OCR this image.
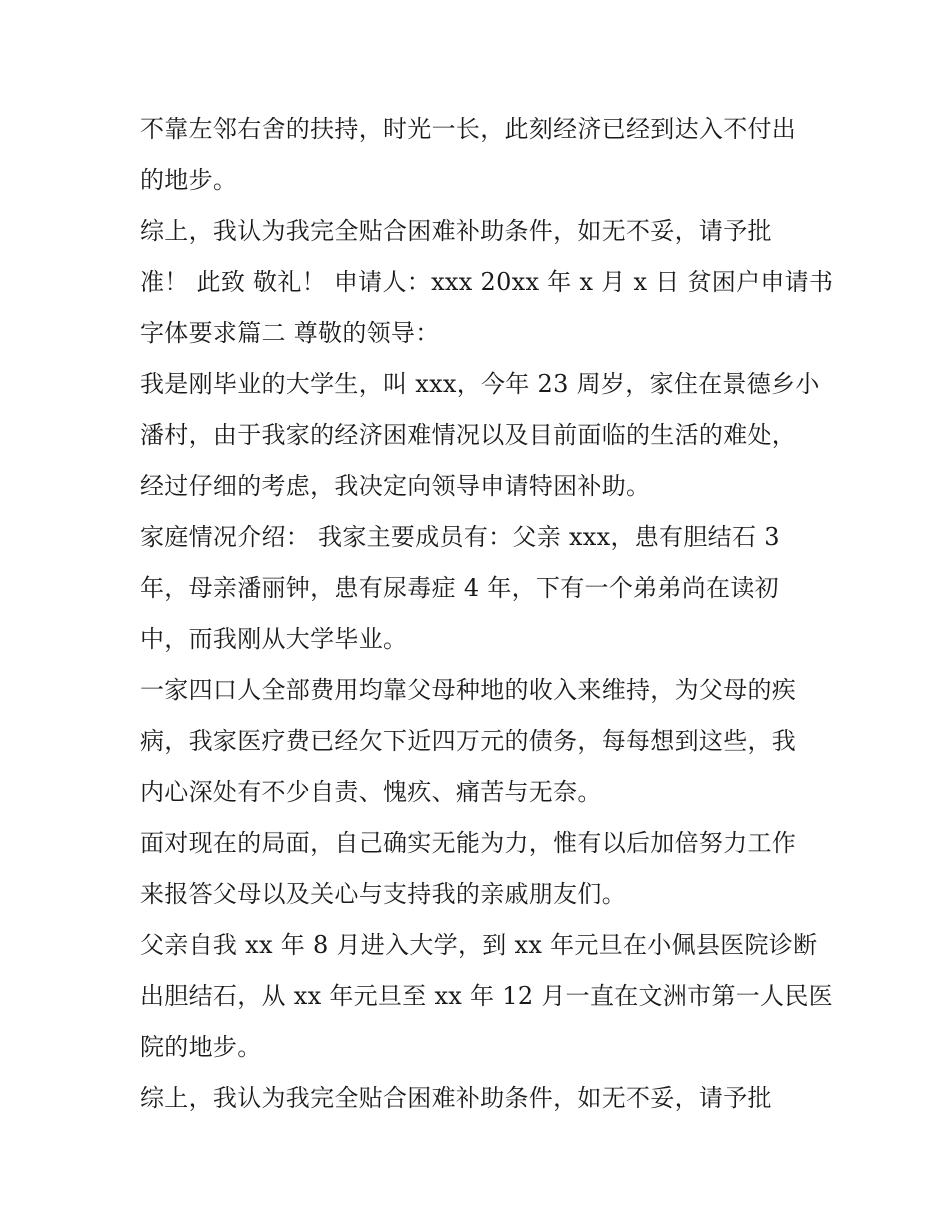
不靠左邻右舍的扶持，时光一长，此刻经济已经到达入不付出
的地步。
综上，我认为我完全贴合困难补助条件，如无不妥，请予批
准！ 此致 敬礼！ 申请人：xxx 20xx 年 x 月 x 日 贫困户申请书
字体要求篇二 尊敬的领导：
我是刚毕业的大学生，叫 xxx，今年 23 周岁，家住在景德乡小
潘村，由于我家的经济困难情况以及目前面临的生活的难处，
经过仔细的考虑，我决定向领导申请特困补助。
家庭情况介绍： 我家主要成员有：父亲 xxx，患有胆结石 3
年，母亲潘丽钟，患有尿毒症 4 年，下有一个弟弟尚在读初
中，而我刚从大学毕业。
一家四口人全部费用均靠父母种地的收入来维持，为父母的疾
病，我家医疗费已经欠下近四万元的债务，每每想到这些，我
内心深处有不少自责、愧疚、痛苦与无奈。
面对现在的局面，自己确实无能为力，惟有以后加倍努力工作
来报答父母以及关心与支持我的亲戚朋友们。
父亲自我 xx 年 8 月进入大学，到 xx 年元旦在小佩县医院诊断
出胆结石，从 xx 年元旦至 xx 年 12 月一直在文洲市第一人民医
院的地步。
综上，我认为我完全贴合困难补助条件，如无不妥，请予批
